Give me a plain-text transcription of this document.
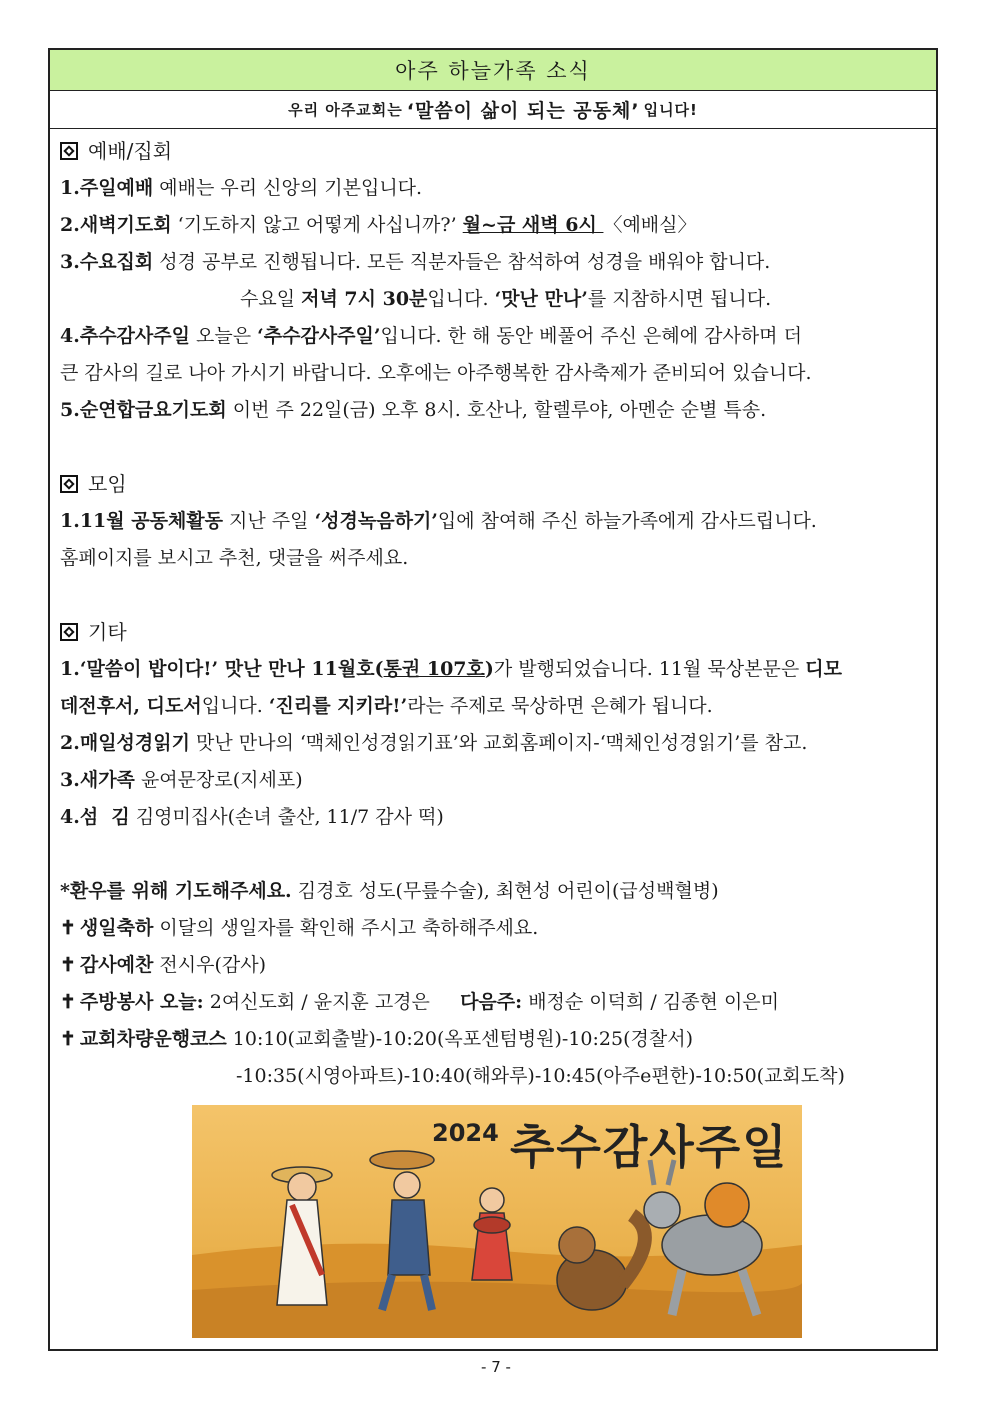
아주 하늘가족 소식
우리 아주교회는 ‘말씀이 삶이 되는 공동체’ 입니다!
예배/집회
1.주일예배 예배는 우리 신앙의 기본입니다.
2.새벽기도회 ‘기도하지 않고 어떻게 사십니까?’ 월~금 새벽 6시 〈예배실〉
3.수요집회 성경 공부로 진행됩니다. 모든 직분자들은 참석하여 성경을 배워야 합니다.
수요일 저녁 7시 30분입니다. ‘맛난 만나’를 지참하시면 됩니다.
4.추수감사주일 오늘은 ‘추수감사주일’입니다. 한 해 동안 베풀어 주신 은혜에 감사하며 더
큰 감사의 길로 나아 가시기 바랍니다. 오후에는 아주행복한 감사축제가 준비되어 있습니다.
5.순연합금요기도회 이번 주 22일(금) 오후 8시. 호산나, 할렐루야, 아멘순 순별 특송.
모임
1.11월 공동체활동 지난 주일 ‘성경녹음하기’입에 참여해 주신 하늘가족에게 감사드립니다.
홈페이지를 보시고 추천, 댓글을 써주세요.
기타
1.‘말씀이 밥이다!’ 맛난 만나 11월호(통권 107호)가 발행되었습니다. 11월 묵상본문은 디모
데전후서, 디도서입니다. ‘진리를 지키라!’라는 주제로 묵상하면 은혜가 됩니다.
2.매일성경읽기 맛난 만나의 ‘맥체인성경읽기표’와 교회홈페이지-‘맥체인성경읽기’를 참고.
3.새가족 윤여문장로(지세포)
4.섬  김 김영미집사(손녀 출산, 11/7 감사 떡)
*환우를 위해 기도해주세요. 김경호 성도(무릎수술), 최현성 어린이(급성백혈병)
✝ 생일축하 이달의 생일자를 확인해 주시고 축하해주세요.
✝ 감사예찬 전시우(감사)
✝ 주방봉사 오늘: 2여신도회 / 윤지훈 고경은     다음주: 배정순 이덕희 / 김종현 이은미
✝ 교회차량운행코스 10:10(교회출발)-10:20(옥포센텀병원)-10:25(경찰서)
-10:35(시영아파트)-10:40(해와루)-10:45(아주e편한)-10:50(교회도착)
2024 추수감사주일
- 7 -
